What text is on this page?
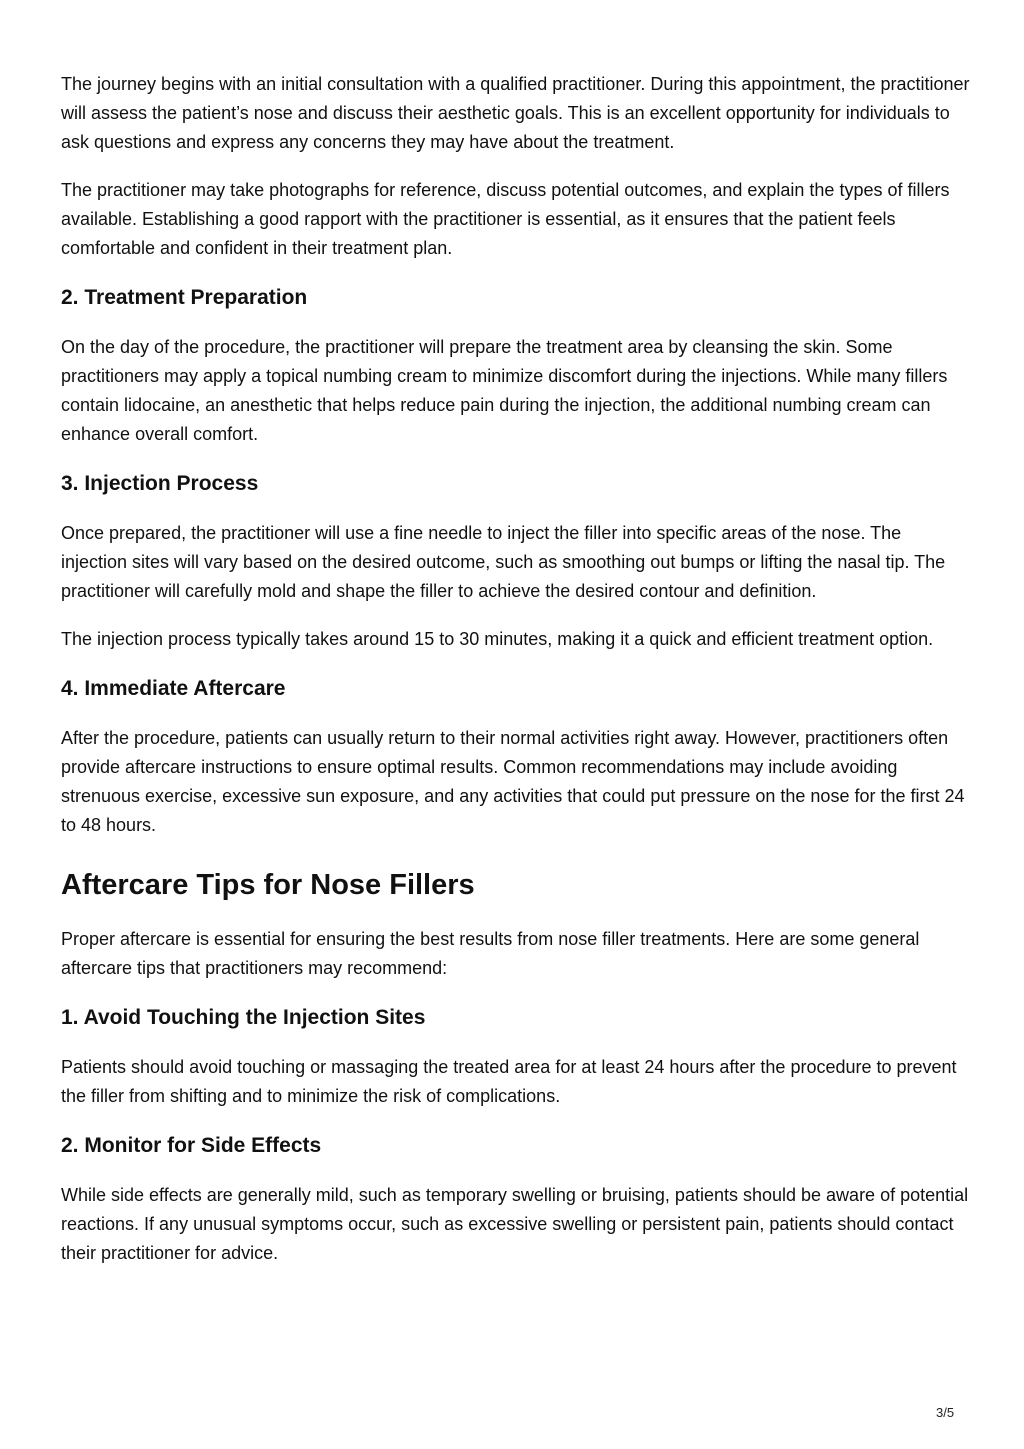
The journey begins with an initial consultation with a qualified practitioner. During this appointment, the practitioner will assess the patient’s nose and discuss their aesthetic goals. This is an excellent opportunity for individuals to ask questions and express any concerns they may have about the treatment.

The practitioner may take photographs for reference, discuss potential outcomes, and explain the types of fillers available. Establishing a good rapport with the practitioner is essential, as it ensures that the patient feels comfortable and confident in their treatment plan.

2. Treatment Preparation

On the day of the procedure, the practitioner will prepare the treatment area by cleansing the skin. Some practitioners may apply a topical numbing cream to minimize discomfort during the injections. While many fillers contain lidocaine, an anesthetic that helps reduce pain during the injection, the additional numbing cream can enhance overall comfort.

3. Injection Process

Once prepared, the practitioner will use a fine needle to inject the filler into specific areas of the nose. The injection sites will vary based on the desired outcome, such as smoothing out bumps or lifting the nasal tip. The practitioner will carefully mold and shape the filler to achieve the desired contour and definition.

The injection process typically takes around 15 to 30 minutes, making it a quick and efficient treatment option.

4. Immediate Aftercare

After the procedure, patients can usually return to their normal activities right away. However, practitioners often provide aftercare instructions to ensure optimal results. Common recommendations may include avoiding strenuous exercise, excessive sun exposure, and any activities that could put pressure on the nose for the first 24 to 48 hours.

Aftercare Tips for Nose Fillers

Proper aftercare is essential for ensuring the best results from nose filler treatments. Here are some general aftercare tips that practitioners may recommend:

1. Avoid Touching the Injection Sites

Patients should avoid touching or massaging the treated area for at least 24 hours after the procedure to prevent the filler from shifting and to minimize the risk of complications.

2. Monitor for Side Effects

While side effects are generally mild, such as temporary swelling or bruising, patients should be aware of potential reactions. If any unusual symptoms occur, such as excessive swelling or persistent pain, patients should contact their practitioner for advice.

3/5
